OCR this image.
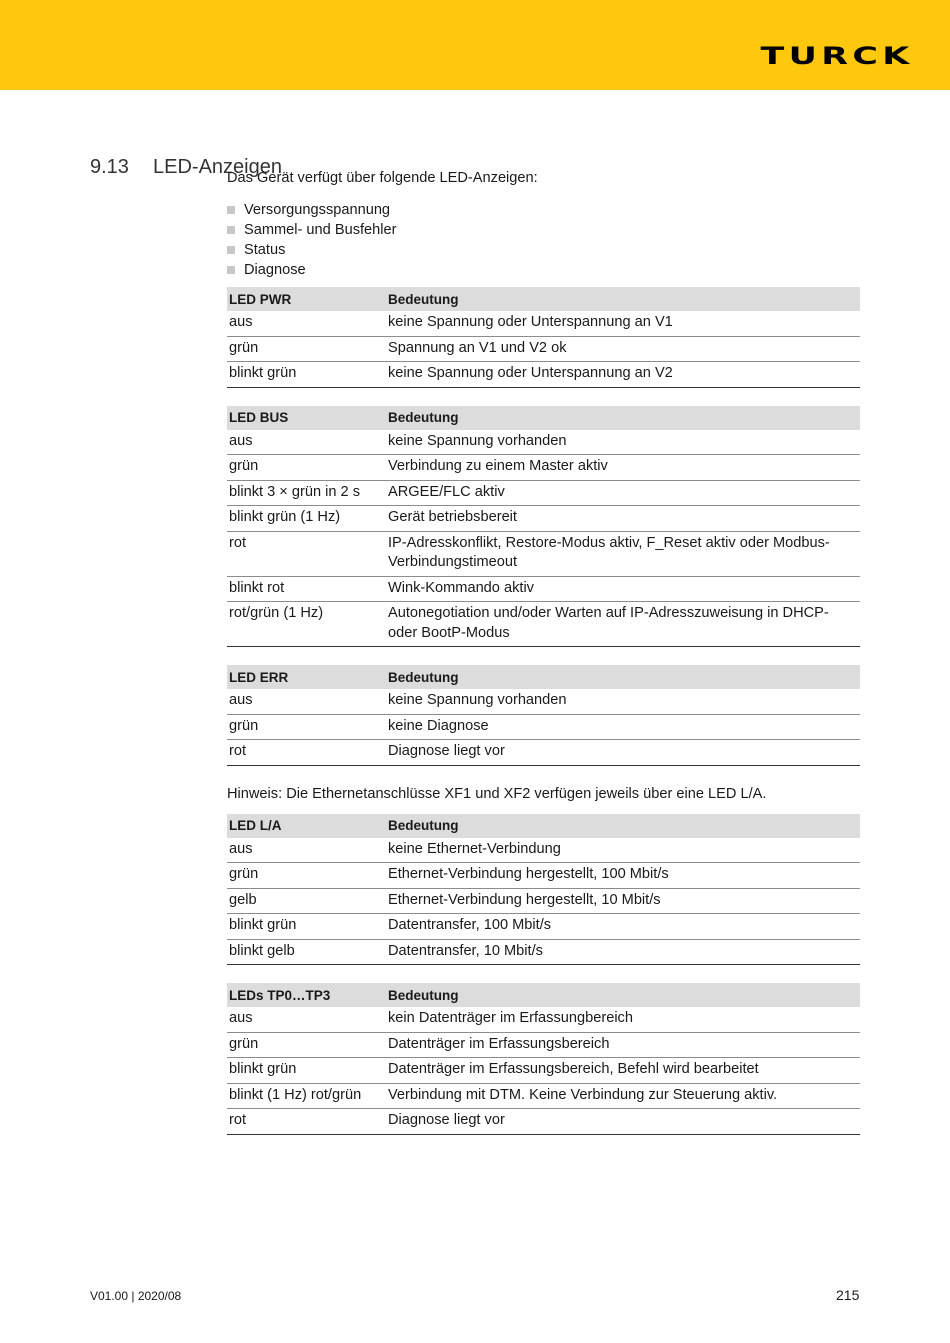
TURCK
9.13 LED-Anzeigen

Das Gerät verfügt über folgende LED-Anzeigen:

Versorgungsspannung
Sammel- und Busfehler
Status
Diagnose
LED PWR	Bedeutung
aus	keine Spannung oder Unterspannung an V1
grün	Spannung an V1 und V2 ok
blinkt grün	keine Spannung oder Unterspannung an V2
LED BUS	Bedeutung
aus	keine Spannung vorhanden
grün	Verbindung zu einem Master aktiv
blinkt 3 × grün in 2 s	ARGEE/FLC aktiv
blinkt grün (1 Hz)	Gerät betriebsbereit
rot	IP-Adresskonflikt, Restore-Modus aktiv, F_Reset aktiv oder Modbus-Verbindungstimeout
blinkt rot	Wink-Kommando aktiv
rot/grün (1 Hz)	Autonegotiation und/oder Warten auf IP-Adresszuweisung in DHCP- oder BootP-Modus
LED ERR	Bedeutung
aus	keine Spannung vorhanden
grün	keine Diagnose
rot	Diagnose liegt vor

Hinweis: Die Ethernetanschlüsse XF1 und XF2 verfügen jeweils über eine LED L/A.

LED L/A	Bedeutung
aus	keine Ethernet-Verbindung
grün	Ethernet-Verbindung hergestellt, 100 Mbit/s
gelb	Ethernet-Verbindung hergestellt, 10 Mbit/s
blinkt grün	Datentransfer, 100 Mbit/s
blinkt gelb	Datentransfer, 10 Mbit/s
LEDs TP0…TP3	Bedeutung
aus	kein Datenträger im Erfassungbereich
grün	Datenträger im Erfassungsbereich
blinkt grün	Datenträger im Erfassungsbereich, Befehl wird bearbeitet
blinkt (1 Hz) rot/grün	Verbindung mit DTM. Keine Verbindung zur Steuerung aktiv.
rot	Diagnose liegt vor
V01.00 | 2020/08	215
